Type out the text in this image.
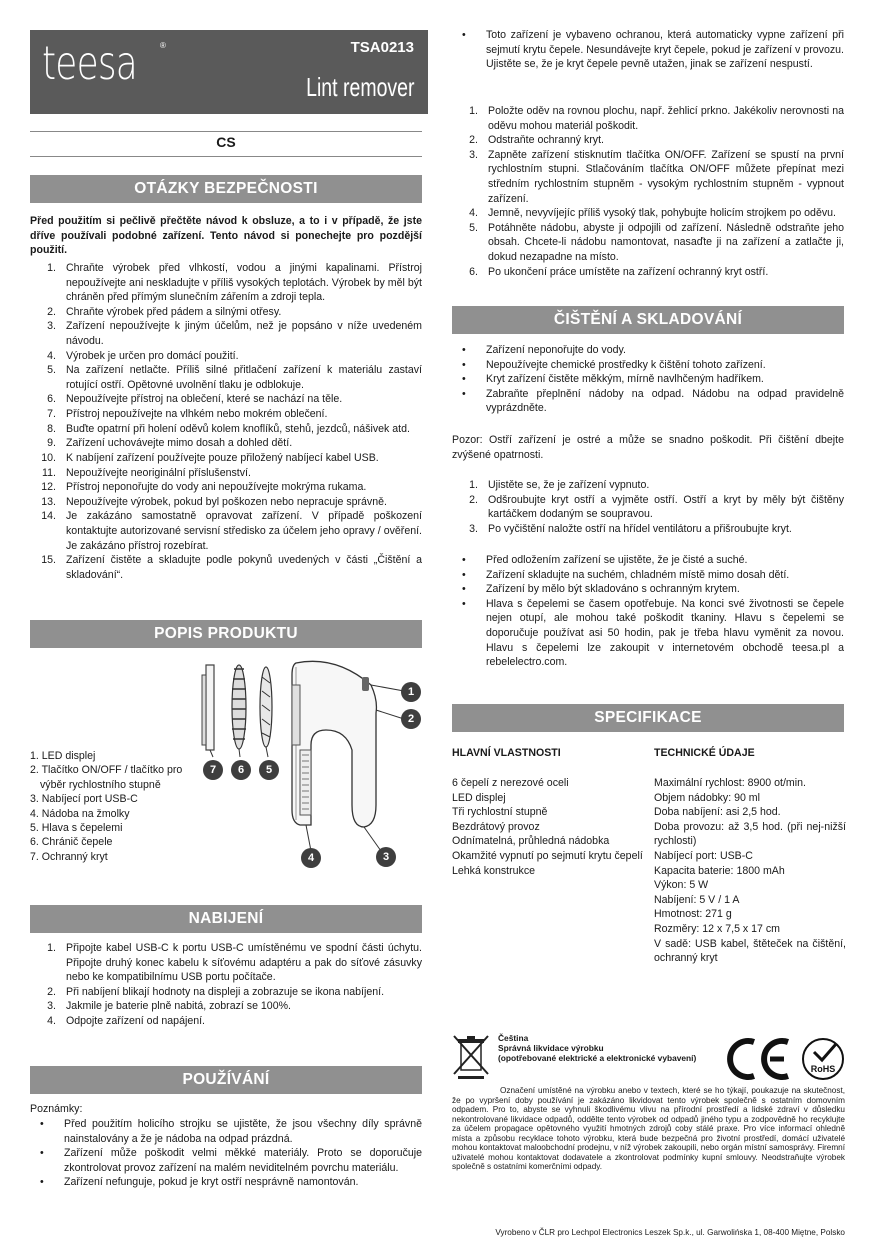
teesa	®	TSA0213
Lint remover
CS
OTÁZKY BEZPEČNOSTI
Před použitím si pečlivě přečtěte návod k obsluze, a to i v případě, že jste dříve používali podobné zařízení. Tento návod si ponechejte pro pozdější použití.
1. Chraňte výrobek před vlhkostí, vodou a jinými kapalinami. Přístroj nepoužívejte ani neskladujte v příliš vysokých teplotách. Výrobek by měl být chráněn před přímým slunečním zářením a zdroji tepla.
2. Chraňte výrobek před pádem a silnými otřesy.
3. Zařízení nepoužívejte k jiným účelům, než je popsáno v níže uvedeném návodu.
4. Výrobek je určen pro domácí použití.
5. Na zařízení netlačte. Příliš silné přitlačení zařízení k materiálu zastaví rotující ostří. Opětovné uvolnění tlaku je odblokuje.
6. Nepoužívejte přístroj na oblečení, které se nachází na těle.
7. Přístroj nepoužívejte na vlhkém nebo mokrém oblečení.
8. Buďte opatrní při holení oděvů kolem knoflíků, stehů, jezdců, nášivek atd.
9. Zařízení uchovávejte mimo dosah a dohled dětí.
10. K nabíjení zařízení používejte pouze přiložený nabíjecí kabel USB.
11. Nepoužívejte neoriginální příslušenství.
12. Přístroj neponořujte do vody ani nepoužívejte mokrýma rukama.
13. Nepoužívejte výrobek, pokud byl poškozen nebo nepracuje správně.
14. Je zakázáno samostatně opravovat zařízení. V případě poškození kontaktujte autorizované servisní středisko za účelem jeho opravy / ověření. Je zakázáno přístroj rozebírat.
15. Zařízení čistěte a skladujte podle pokynů uvedených v části „Čištění a skladování“.
POPIS PRODUKTU
1. LED displej
2. Tlačítko ON/OFF / tlačítko pro výběr rychlostního stupně
3. Nabíjecí port USB-C
4. Nádoba na žmolky
5. Hlava s čepelemi
6. Chránič čepele
7. Ochranný kryt
1
2
3
4
5
6
7
NABIJENÍ
1. Připojte kabel USB-C k portu USB-C umístěnému ve spodní části úchytu. Připojte druhý konec kabelu k síťovému adaptéru a pak do síťové zásuvky nebo ke kompatibilnímu USB portu počítače.
2. Při nabíjení blikají hodnoty na displeji a zobrazuje se ikona nabíjení.
3. Jakmile je baterie plně nabitá, zobrazí se 100%.
4. Odpojte zařízení od napájení.
POUŽÍVÁNÍ
Poznámky:
• Před použitím holicího strojku se ujistěte, že jsou všechny díly správně nainstalovány a že je nádoba na odpad prázdná.
• Zařízení může poškodit velmi měkké materiály. Proto se doporučuje zkontrolovat provoz zařízení na malém neviditelném povrchu materiálu.
• Zařízení nefunguje, pokud je kryt ostří nesprávně namontován.
• Toto zařízení je vybaveno ochranou, která automaticky vypne zařízení při sejmutí krytu čepele. Nesundávejte kryt čepele, pokud je zařízení v provozu. Ujistěte se, že je kryt čepele pevně utažen, jinak se zařízení nespustí.
1. Položte oděv na rovnou plochu, např. žehlicí prkno. Jakékoliv nerovnosti na oděvu mohou materiál poškodit.
2. Odstraňte ochranný kryt.
3. Zapněte zařízení stisknutím tlačítka ON/OFF. Zařízení se spustí na první rychlostním stupni. Stlačováním tlačítka ON/OFF můžete přepínat mezi středním rychlostním stupněm - vysokým rychlostním stupněm - vypnout zařízení.
4. Jemně, nevyvíjejíc příliš vysoký tlak, pohybujte holicím strojkem po oděvu.
5. Potáhněte nádobu, abyste ji odpojili od zařízení. Následně odstraňte jeho obsah. Chcete-li nádobu namontovat, nasaďte ji na zařízení a zatlačte ji, dokud nezapadne na místo.
6. Po ukončení práce umístěte na zařízení ochranný kryt ostří.
ČIŠTĚNÍ A SKLADOVÁNÍ
• Zařízení neponořujte do vody.
• Nepoužívejte chemické prostředky k čištění tohoto zařízení.
• Kryt zařízení čistěte měkkým, mírně navlhčeným hadříkem.
• Zabraňte přeplnění nádoby na odpad. Nádobu na odpad pravidelně vyprázdněte.
Pozor: Ostří zařízení je ostré a může se snadno poškodit. Při čištění dbejte zvýšené opatrnosti.
1. Ujistěte se, že je zařízení vypnuto.
2. Odšroubujte kryt ostří a vyjměte ostří. Ostří a kryt by měly být čištěny kartáčkem dodaným se soupravou.
3. Po vyčištění naložte ostří na hřídel ventilátoru a přišroubujte kryt.
• Před odložením zařízení se ujistěte, že je čisté a suché.
• Zařízení skladujte na suchém, chladném místě mimo dosah dětí.
• Zařízení by mělo být skladováno s ochranným krytem.
• Hlava s čepelemi se časem opotřebuje. Na konci své životnosti se čepele nejen otupí, ale mohou také poškodit tkaniny. Hlavu s čepelemi se doporučuje používat asi 50 hodin, pak je třeba hlavu vyměnit za novou. Hlavu s čepelemi lze zakoupit v internetovém obchodě teesa.pl a rebelelectro.com.
SPECIFIKACE
HLAVNÍ VLASTNOSTI	TECHNICKÉ ÚDAJE
6 čepelí z nerezové oceli
LED displej
Tři rychlostní stupně
Bezdrátový provoz
Odnímatelná, průhledná nádobka
Okamžité vypnutí po sejmutí krytu čepelí
Lehká konstrukce
Maximální rychlost: 8900 ot/min.
Objem nádobky: 90 ml
Doba nabíjení: asi 2,5 hod.
Doba provozu: až 3,5 hod. (při nej-nižší rychlosti)
Nabíjecí port: USB-C
Kapacita baterie: 1800 mAh
Výkon: 5 W
Nabíjení: 5 V / 1 A
Hmotnost: 271 g
Rozměry: 12 x 7,5 x 17 cm
V sadě: USB kabel, štěteček na čištění, ochranný kryt
Čeština
Správná likvidace výrobku
(opotřebované elektrické a elektronické vybavení)
RoHS
Označení umístěné na výrobku anebo v textech, které se ho týkají, poukazuje na skutečnost, že po vypršení doby používání je zakázáno likvidovat tento výrobek společně s ostatním domovním odpadem. Pro to, abyste se vyhnuli škodlivému vlivu na přírodní prostředí a lidské zdraví v důsledku nekontrolované likvidace odpadů, oddělte tento výrobek od odpadů jiného typu a zodpovědně ho recyklujte za účelem propagace opětovného využití hmotných zdrojů coby stálé praxe. Pro více informací ohledně místa a způsobu recyklace tohoto výrobku, která bude bezpečná pro životní prostředí, domácí uživatelé mohou kontaktovat maloobchodní prodejnu, v níž výrobek zakoupili, nebo orgán místní samosprávy. Firemní uživatelé mohou kontaktovat dodavatele a zkontrolovat podmínky kupní smlouvy. Neodstraňujte výrobek společně s ostatními komerčními odpady.
Vyrobeno v ČLR pro Lechpol Electronics Leszek Sp.k., ul. Garwolińska 1, 08-400 Miętne, Polsko
